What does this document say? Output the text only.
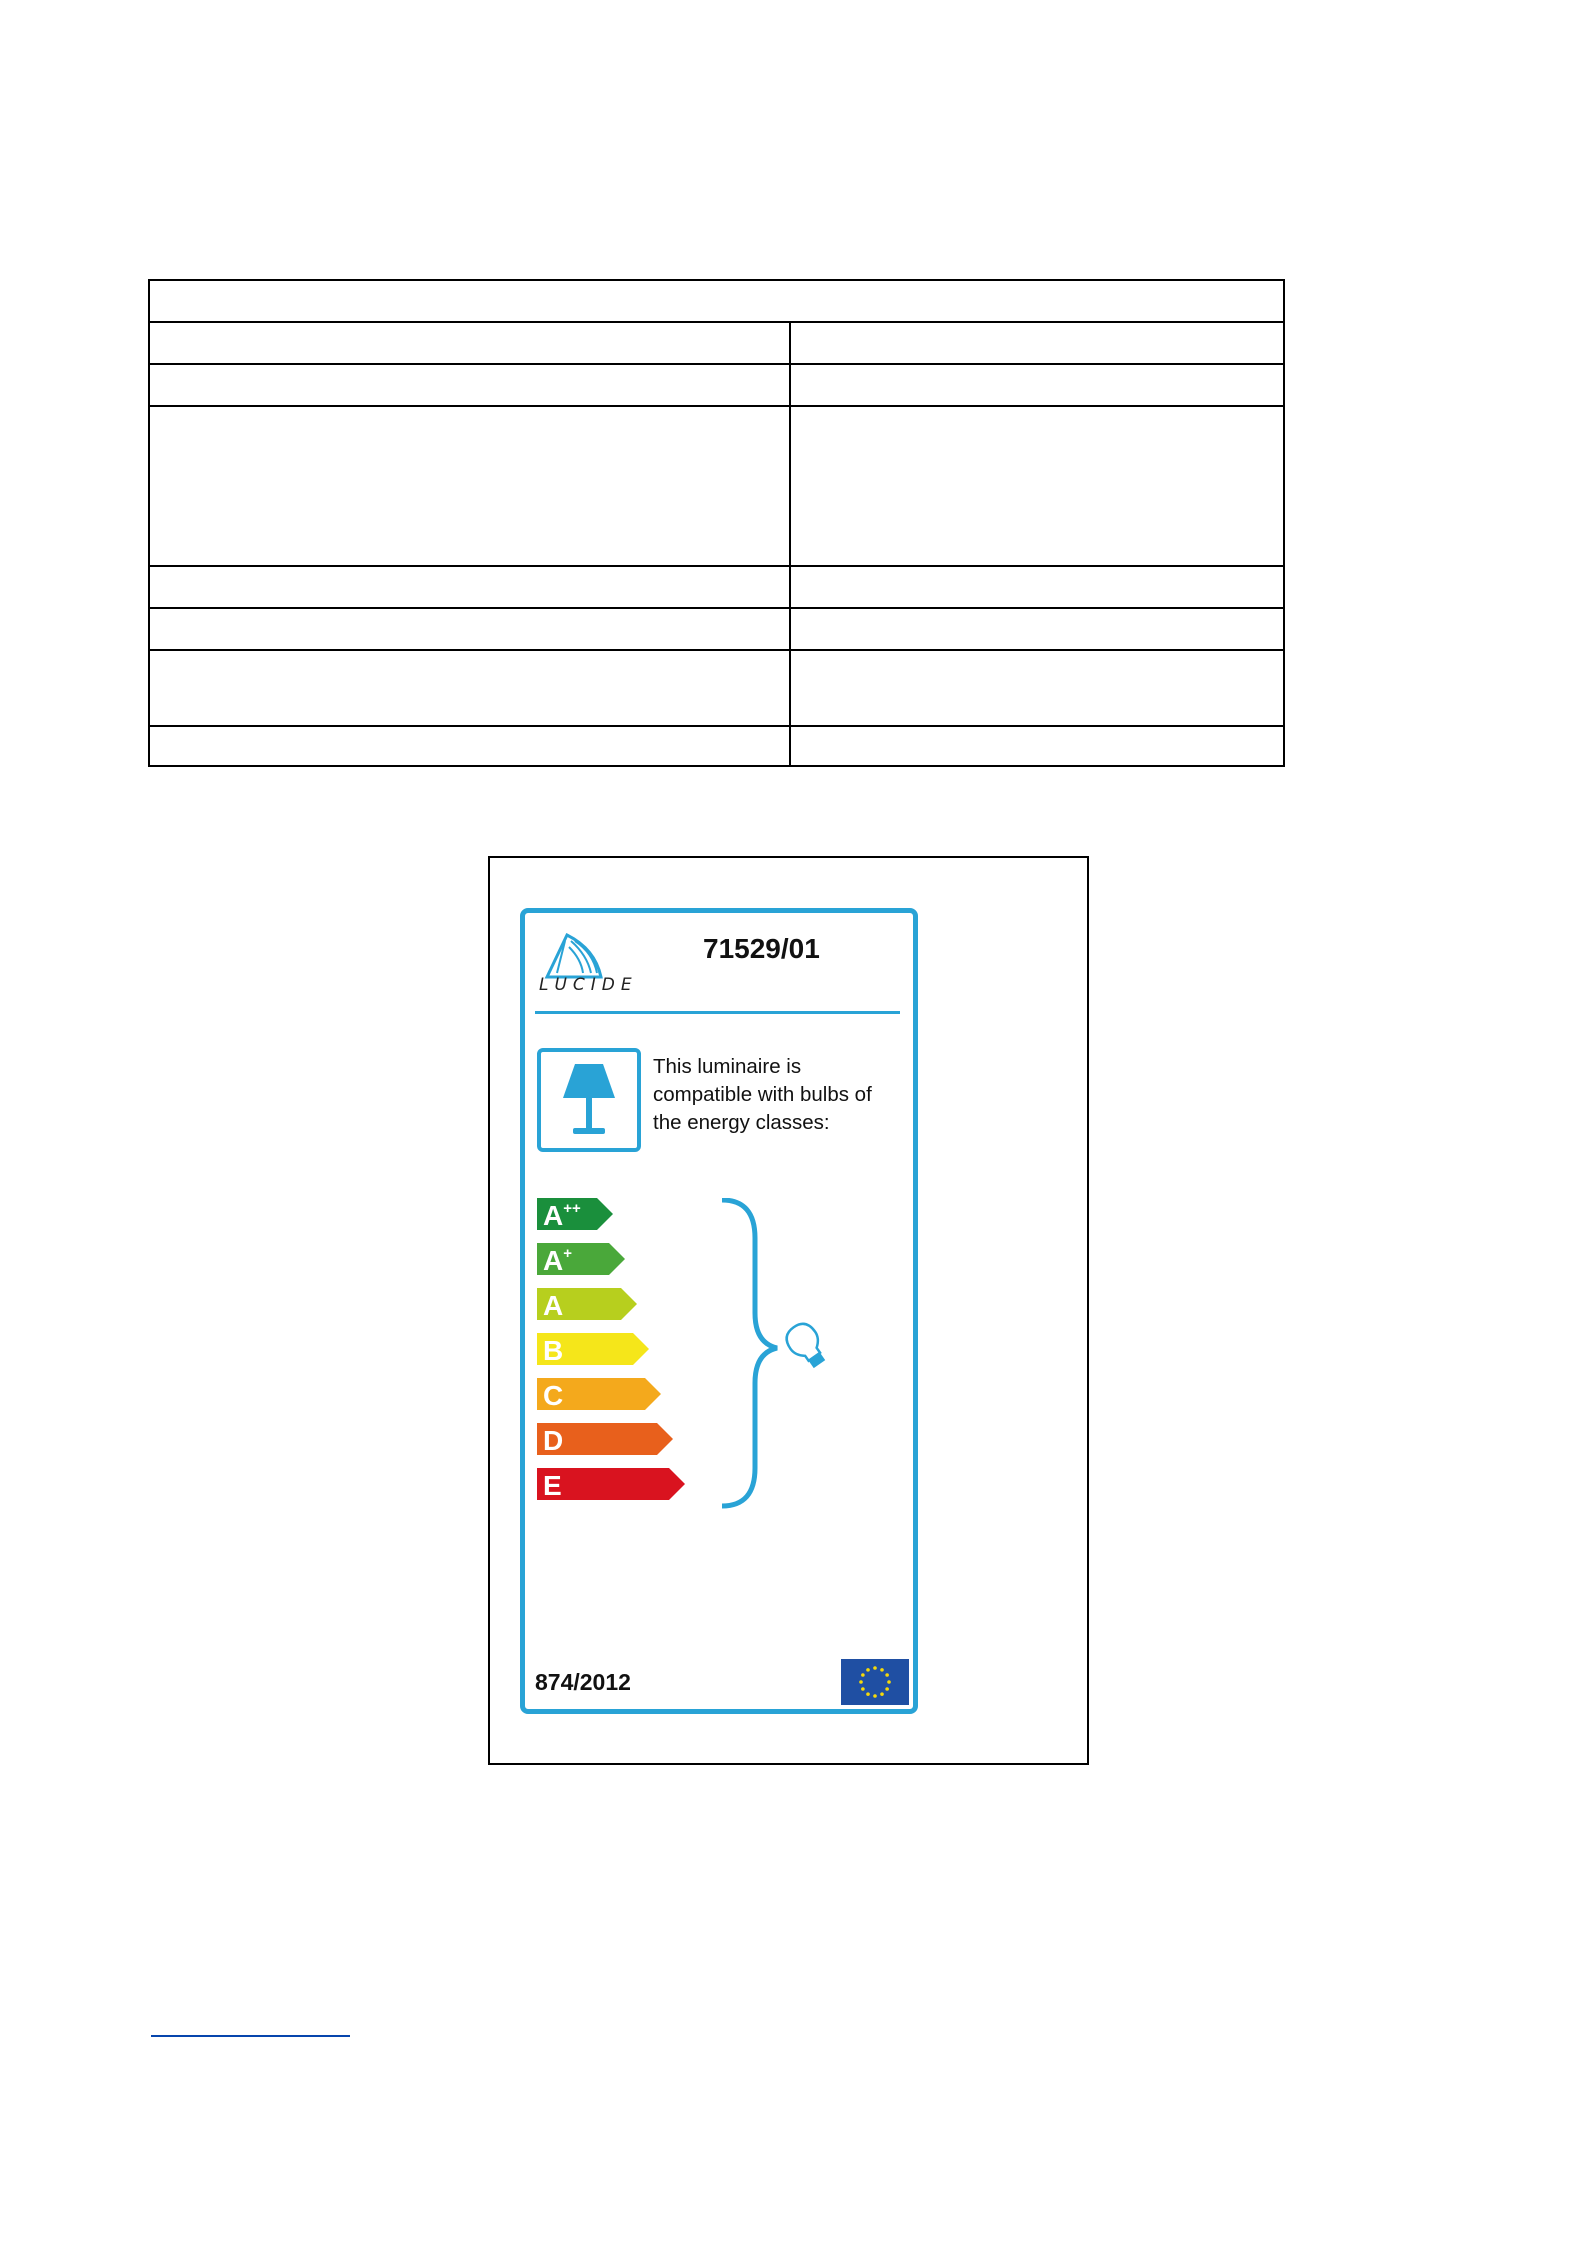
LUCIDE
71529/01
This luminaire is compatible with bulbs of the energy classes:
A++
A+
A
B
C
D
E
874/2012
